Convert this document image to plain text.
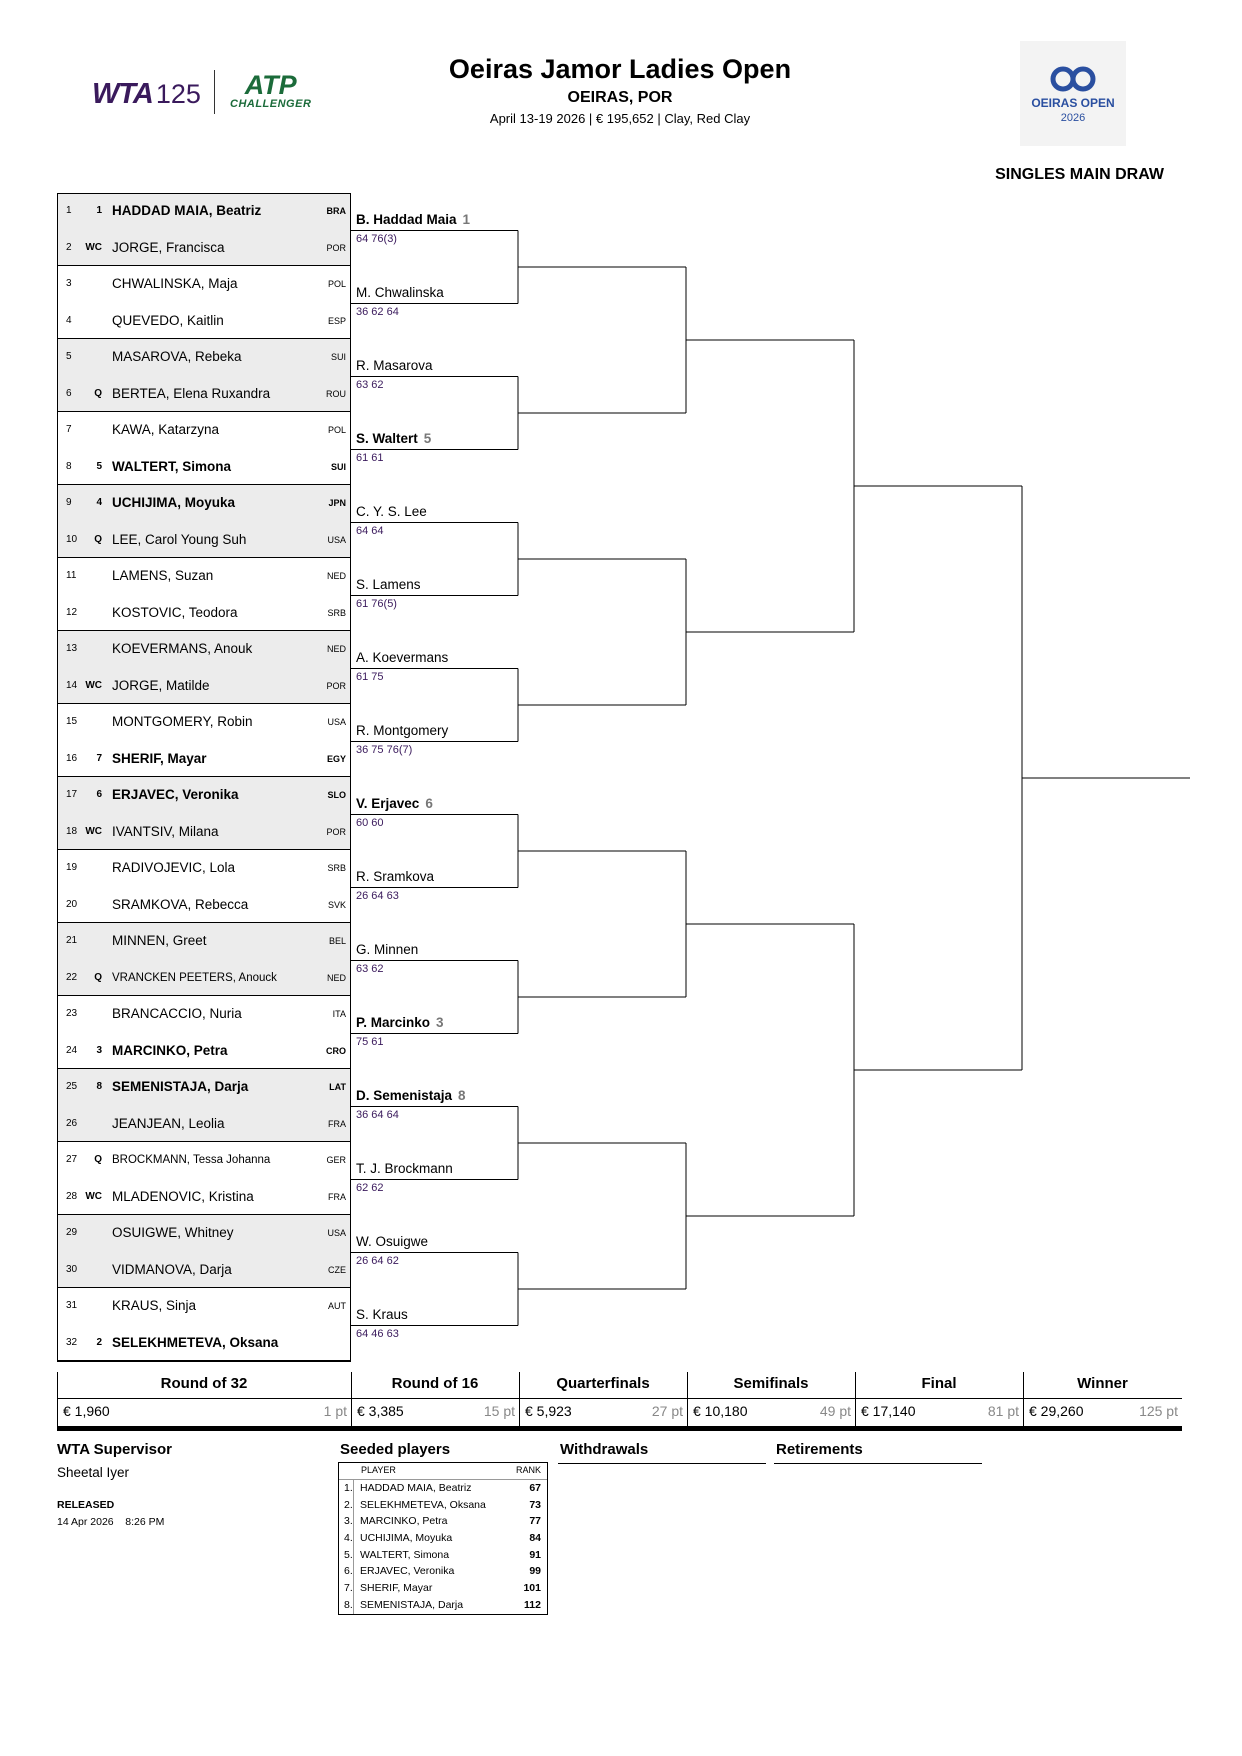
WTA 125	ATP
CHALLENGER
Oeiras Jamor Ladies Open
OEIRAS, POR
April 13-19 2026 | € 195,652 | Clay, Red Clay
OEIRAS OPEN
2026
SINGLES MAIN DRAW
1	1 HADDAD MAIA, Beatriz	BRA
2	WC JORGE, Francisca	POR
3	CHWALINSKA, Maja	POL
4	QUEVEDO, Kaitlin	ESP
5	MASAROVA, Rebeka	SUI
6	Q BERTEA, Elena Ruxandra	ROU
7	KAWA, Katarzyna	POL
8	5 WALTERT, Simona	SUI
9	4 UCHIJIMA, Moyuka	JPN
10	Q LEE, Carol Young Suh	USA
11	LAMENS, Suzan	NED
12	KOSTOVIC, Teodora	SRB
13	KOEVERMANS, Anouk	NED
14 WC JORGE, Matilde	POR
15	MONTGOMERY, Robin	USA
16	7 SHERIF, Mayar	EGY
17	6 ERJAVEC, Veronika	SLO
18 WC IVANTSIV, Milana	POR
19	RADIVOJEVIC, Lola	SRB
20	SRAMKOVA, Rebecca	SVK
21	MINNEN, Greet	BEL
22	Q VRANCKEN PEETERS, Anouck	NED
23	BRANCACCIO, Nuria	ITA
24	3 MARCINKO, Petra	CRO
25	8 SEMENISTAJA, Darja	LAT
26	JEANJEAN, Leolia	FRA
27	Q BROCKMANN, Tessa Johanna	GER
28 WC MLADENOVIC, Kristina	FRA
29	OSUIGWE, Whitney	USA
30	VIDMANOVA, Darja	CZE
31	KRAUS, Sinja	AUT
32	2 SELEKHMETEVA, Oksana
B. Haddad Maia 1
64 76(3)
M. Chwalinska
36 62 64
R. Masarova
63 62
S. Waltert 5
61 61
C. Y. S. Lee
64 64
S. Lamens
61 76(5)
A. Koevermans
61 75
R. Montgomery
36 75 76(7)
V. Erjavec 6
60 60
R. Sramkova
26 64 63
G. Minnen
63 62
P. Marcinko 3
75 61
D. Semenistaja 8
36 64 64
T. J. Brockmann
62 62
W. Osuigwe
26 64 62
S. Kraus
64 46 63
Round of 32
€ 1,960	1 pt
Round of 16
€ 3,385	15 pt
Quarterfinals
€ 5,923	27 pt
Semifinals
€ 10,180	49 pt
Final
€ 17,140	81 pt
Winner
€ 29,260	125 pt
WTA Supervisor
Sheetal Iyer
RELEASED
14 Apr 2026    8:26 PM
Seeded players
PLAYER	RANK
1. HADDAD MAIA, Beatriz	67
2. SELEKHMETEVA, Oksana	73
3. MARCINKO, Petra	77
4. UCHIJIMA, Moyuka	84
5. WALTERT, Simona	91
6. ERJAVEC, Veronika	99
7. SHERIF, Mayar	101
8. SEMENISTAJA, Darja	112
Withdrawals	Retirements
